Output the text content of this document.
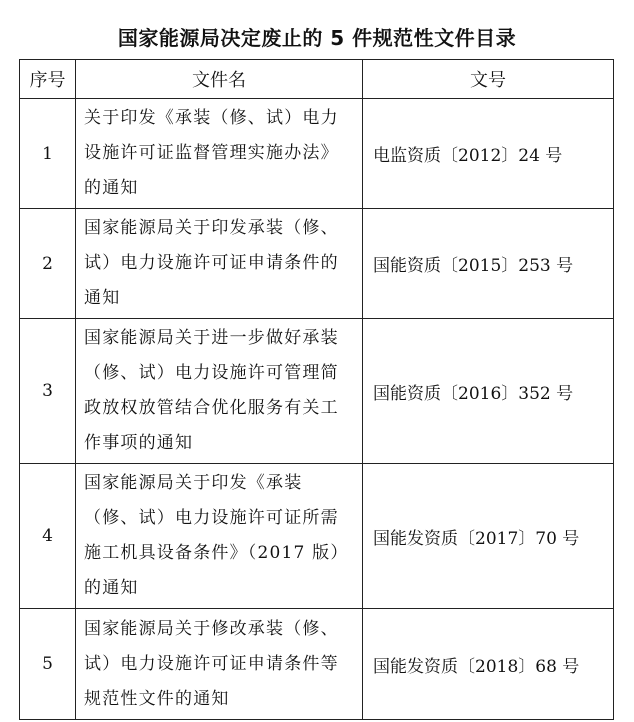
国家能源局决定废止的 5 件规范性文件目录
序号	文件名	文号
1	关于印发《承装（修、试）电力设施许可证监督管理实施办法》的通知	电监资质〔2012〕24 号
2	国家能源局关于印发承装（修、试）电力设施许可证申请条件的通知	国能资质〔2015〕253 号
3	国家能源局关于进一步做好承装（修、试）电力设施许可管理简政放权放管结合优化服务有关工作事项的通知	国能资质〔2016〕352 号
4	国家能源局关于印发《承装（修、试）电力设施许可证所需施工机具设备条件》（2017 版）的通知	国能发资质〔2017〕70 号
5	国家能源局关于修改承装（修、试）电力设施许可证申请条件等规范性文件的通知	国能发资质〔2018〕68 号
